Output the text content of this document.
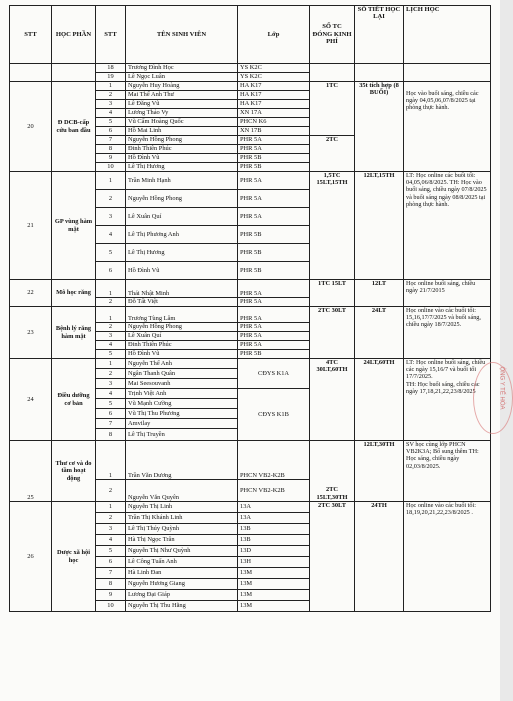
STT	HỌC PHẦN	STT	TÊN SINH VIÊN	Lớp	SỐ TC ĐÓNG KINH PHÍ	SỐ TIẾT HỌC LẠI	LỊCH HỌC
		18	Trương Đình Học	YS K2C			
		19	Lê Ngọc Luân	YS K2C			
20	Đ DCB-cấp cứu ban đầu	1	Nguyễn Huy Hoàng	HA K17	1TC	35t tích hợp (8 BUỔI)	Học vào buổi sáng, chiều các ngày 04,05,06,07/8/2025 tại phòng thực hành.
		2	Mai Thế Anh Thư	HA K17			
		3	Lê Đăng Vũ	HA K17			
		4	Lương Thảo Vy	XN 17A			
		5	Vũ Cẩm Hoàng Quốc	PHCN K6			
		6	Hồ Mai Linh	XN 17B			
		7	Nguyễn Hồng Phong	PHR 5A	2TC		
		8	Đinh Thiên Phúc	PHR 5A			
		9	Hồ Đình Vũ	PHR 5B			
		10	Lê Thị Hương	PHR 5B			
21	GP vùng hàm mặt	1	Trần Minh Hạnh	PHR 5A	1,5TC 15LT,15TH	12LT,15TH	LT: Học online các buổi tối: 04,05,06/8/2025. TH: Học vào buổi sáng, chiều ngày 07/8/2025 và buổi sáng ngày 08/8/2025 tại phòng thực hành.
		2	Nguyễn Hồng Phong	PHR 5A			
		3	Lê Xuân Quí	PHR 5A			
		4	Lê Thị Phương Anh	PHR 5B			
		5	Lê Thị Hương	PHR 5B			
		6	Hồ Đình Vũ	PHR 5B			
22	Mô học răng	1	Thái Nhật Minh	PHR 5A	1TC 15LT	12LT	Học online buổi sáng, chiều ngày 21/7/2015
		2	Đỗ Tất Việt	PHR 5A			
23	Bệnh lý răng hàm mặt	1	Trương Tùng Lâm	PHR 5A	2TC 30LT	24LT	Học online vào các buổi tối: 15,16,17/7/2025 và buổi sáng, chiều ngày 18/7/2025.
		2	Nguyễn Hồng Phong	PHR 5A			
		3	Lê Xuân Quí	PHR 5A			
		4	Đinh Thiên Phúc	PHR 5A			
		5	Hồ Đình Vũ	PHR 5B			
24	Điều dưỡng cơ bản	1	Nguyễn Thế Anh	CĐYS K1A	4TC 30LT,60TH	24LT,60TH	LT: Học online buổi sáng, chiều các ngày 15,16/7 và buổi tối 17/7/2025.
TH: Học buổi sáng, chiều các ngày 17,18,21,22,23/8/2025
		2	Ngân Thanh Quân				
		3	Mai Seesouvanh				
		4	Trịnh Việt Anh	CĐYS K1B			
		5	Vũ Mạnh Cường				
		6	Vũ Thị Thu Phương				
		7	Amvilay				
		8	Lê Thị Truyền				
25	Thư cơ và đo tầm hoạt động	1	Trần Văn Dương	PHCN VB2-K2B	2TC 15LT,30TH	12LT,30TH	SV học cùng lớp PHCN VB2K3A; Bổ sung thêm TH: Học sáng, chiều ngày 02,03/8/2025.
		2	Nguyễn Văn Quyên	PHCN VB2-K2B			
26	Dược xã hội học	1	Nguyễn Thị Linh	13A	2TC 30LT	24TH	Học online vào các buổi tối: 18,19,20,21,22,23/8/2025 .
		2	Trần Thị Khánh Linh	13A			
		3	Lê Thị Thúy Quỳnh	13B			
		4	Hà Thị Ngọc Trân	13B			
		5	Nguyễn Thị Như Quỳnh	13D			
		6	Lê Công Tuấn Anh	13H			
		7	Hà Linh Đan	13M			
		8	Nguyễn Hương Giang	13M			
		9	Lương Đại Giáp	13M			
		10	Nguyễn Thị Thu Hằng	13M			
ỘNG Y TẾ HÒA
